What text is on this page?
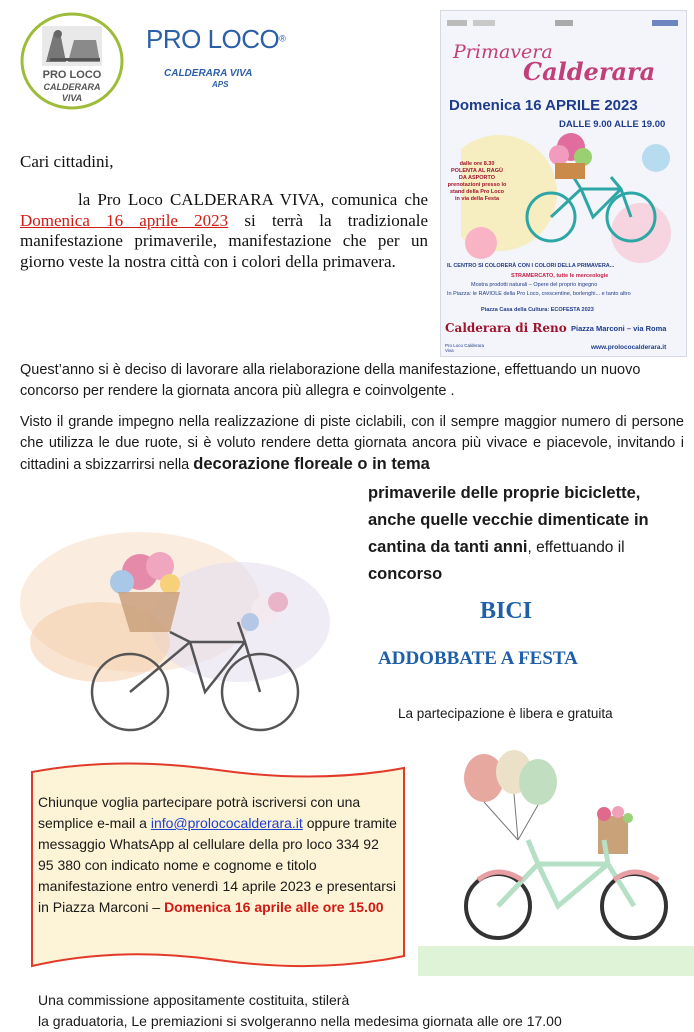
PRO LOCO
CALDERARA
VIVA
PRO LOCO®
CALDERARA VIVA
APS
Primavera
Calderara
Domenica 16 APRILE 2023
DALLE 9.00 ALLE 19.00
dalle ore 8.30 POLENTA AL RAGÙ DA ASPORTO prenotazioni presso lo stand della Pro Loco in via della Festa
IL CENTRO SI COLORERÀ CON I COLORI DELLA PRIMAVERA...
STRAMERCATO, tutte le merceologie
Mostra prodotti naturali – Opere del proprio ingegno
In Piazza: le RAVIOLE della Pro Loco, crescentine, borlenghi... e tanto altro
Piazza Casa della Cultura: ECOFESTA 2023
Calderara di Reno Piazza Marconi – via Roma
Pro Loco Calderara Viva	www.prolococalderara.it
Cari cittadini,
la Pro Loco CALDERARA VIVA, comunica che Domenica 16 aprile 2023 si terrà la tradizionale manifestazione primaverile, manifestazione che per un giorno veste la nostra città con i colori della primavera.
Quest’anno si è deciso di lavorare alla rielaborazione della manifestazione, effettuando un nuovo concorso per rendere la giornata ancora più allegra e coinvolgente .
Visto il grande impegno nella realizzazione di piste ciclabili, con il sempre maggior numero di persone che utilizza le due ruote, si è voluto rendere detta giornata ancora più vivace e piacevole, invitando i cittadini a sbizzarrirsi nella decorazione floreale o in tema
primaverile delle proprie biciclette, anche quelle vecchie dimenticate in cantina da tanti anni, effettuando il concorso
BICI
ADDOBBATE A FESTA
La partecipazione è libera e gratuita
Chiunque voglia partecipare potrà iscriversi con una semplice e-mail a info@prolococalderara.it oppure tramite messaggio WhatsApp al cellulare della pro loco 334 92 95 380 con indicato nome e cognome e titolo manifestazione entro venerdì 14 aprile 2023 e presentarsi in Piazza Marconi – Domenica 16 aprile alle ore 15.00
Una commissione appositamente costituita, stilerà
la graduatoria, Le premiazioni si svolgeranno nella medesima giornata alle ore 17.00
